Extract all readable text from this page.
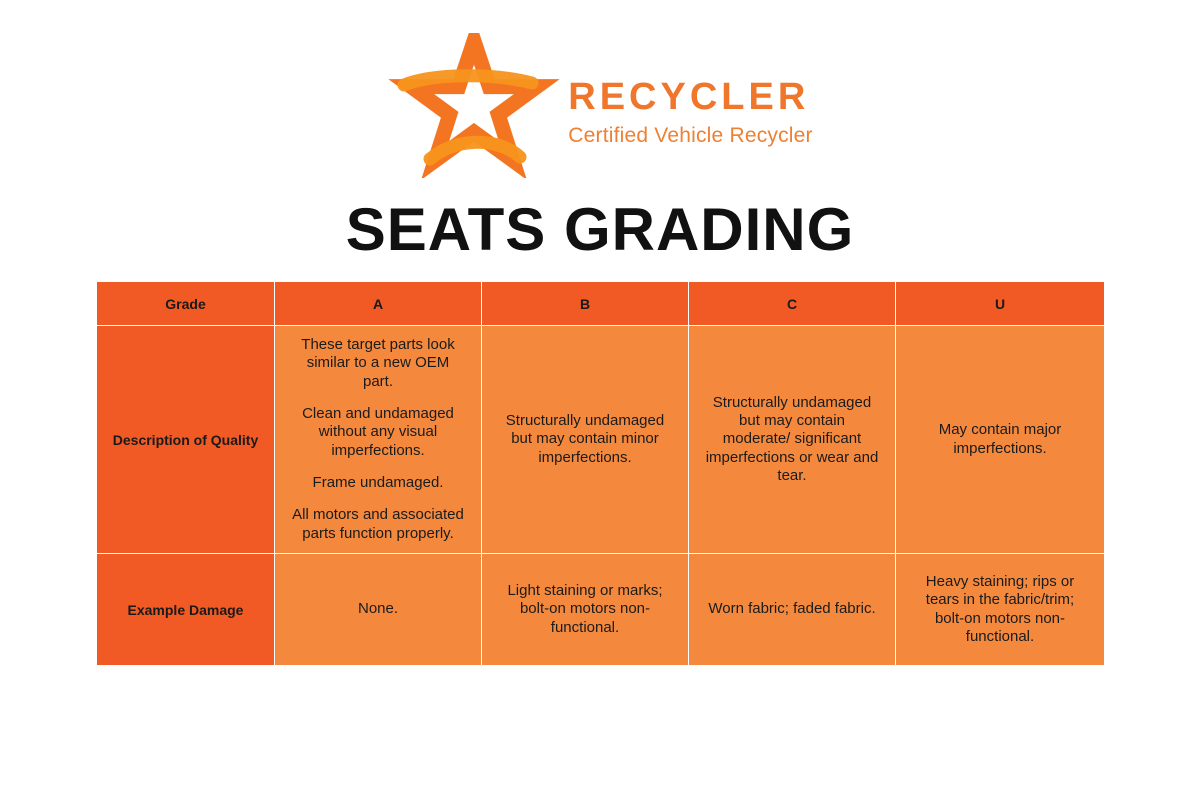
RECYCLER
Certified Vehicle Recycler
SEATS GRADING
Grade	A	B	C	U
Description of Quality	These target parts look similar to a new OEM part.

Clean and undamaged without any visual imperfections.

Frame undamaged.

All motors and associated parts function properly.	Structurally undamaged but may contain minor imperfections.	Structurally undamaged but may contain moderate/ significant imperfections or wear and tear.	May contain major imperfections.

Example Damage	None.	Light staining or marks; bolt-on motors non-functional.	Worn fabric; faded fabric.	Heavy staining; rips or tears in the fabric/trim; bolt-on motors non-functional.
